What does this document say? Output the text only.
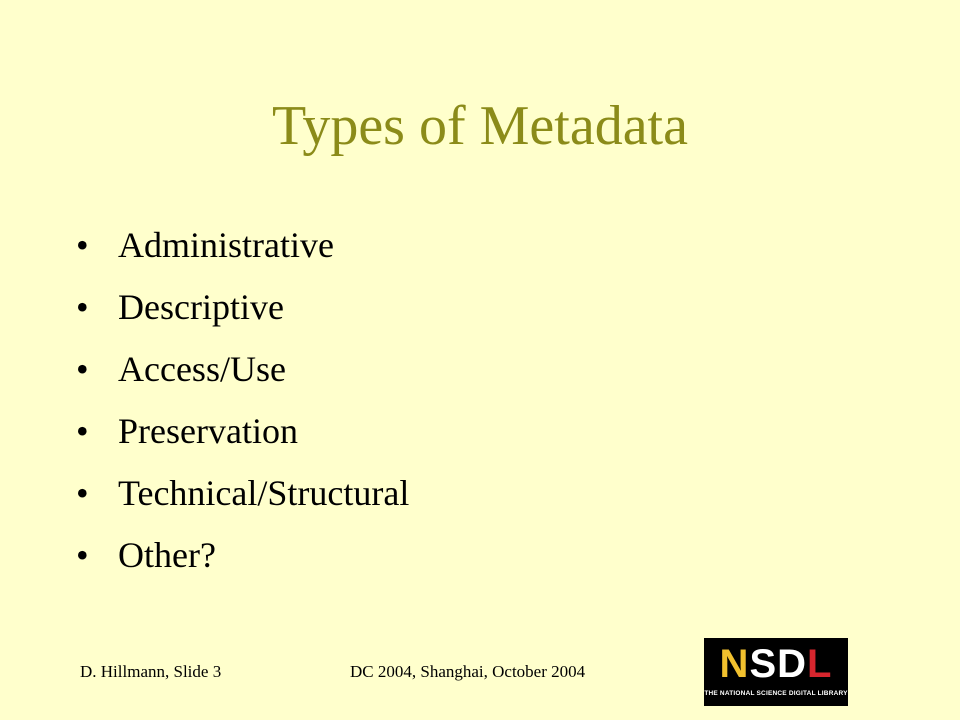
Types of Metadata
• Administrative
• Descriptive
• Access/Use
• Preservation
• Technical/Structural
• Other?
D. Hillmann, Slide 3	DC 2004, Shanghai, October 2004	N S D L
THE NATIONAL SCIENCE DIGITAL LIBRARY
